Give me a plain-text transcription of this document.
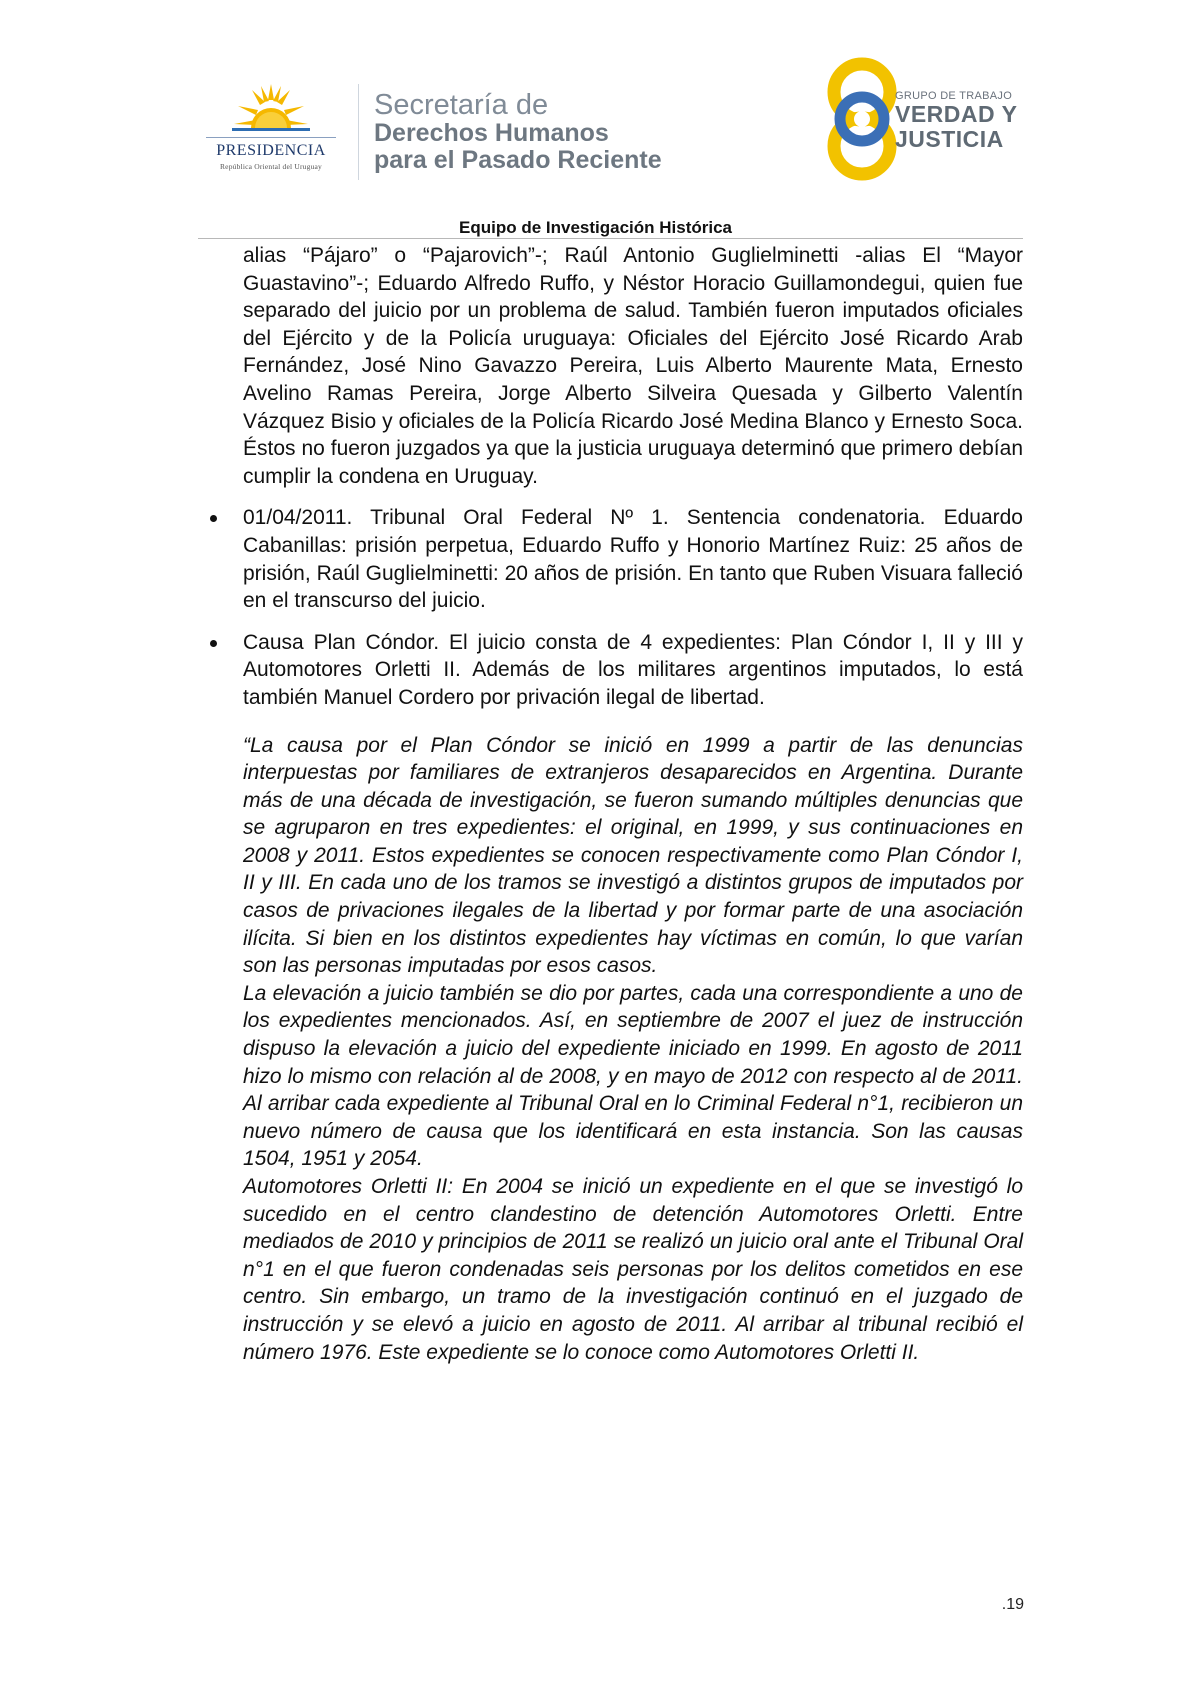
PRESIDENCIA
República Oriental del Uruguay
Secretaría de
Derechos Humanos
para el Pasado Reciente
GRUPO DE TRABAJO
VERDAD Y
JUSTICIA
Equipo de Investigación Histórica

alias “Pájaro” o “Pajarovich”-; Raúl Antonio Guglielminetti -alias El “Mayor Guastavino”-; Eduardo Alfredo Ruffo, y Néstor Horacio Guillamondegui, quien fue separado del juicio por un problema de salud. También fueron imputados oficiales del Ejército y de la Policía uruguaya: Oficiales del Ejército José Ricardo Arab Fernández, José Nino Gavazzo Pereira, Luis Alberto Maurente Mata, Ernesto Avelino Ramas Pereira, Jorge Alberto Silveira Quesada y Gilberto Valentín Vázquez Bisio y oficiales de la Policía Ricardo José Medina Blanco y Ernesto Soca. Éstos no fueron juzgados ya que la justicia uruguaya determinó que primero debían cumplir la condena en Uruguay.

01/04/2011. Tribunal Oral Federal Nº 1. Sentencia condenatoria. Eduardo Cabanillas: prisión perpetua, Eduardo Ruffo y Honorio Martínez Ruiz: 25 años de prisión, Raúl Guglielminetti: 20 años de prisión. En tanto que Ruben Visuara falleció en el transcurso del juicio.

Causa Plan Cóndor. El juicio consta de 4 expedientes: Plan Cóndor I, II y III y Automotores Orletti II. Además de los militares argentinos imputados, lo está también Manuel Cordero por privación ilegal de libertad.

“La causa por el Plan Cóndor se inició en 1999 a partir de las denuncias interpuestas por familiares de extranjeros desaparecidos en Argentina. Durante más de una década de investigación, se fueron sumando múltiples denuncias que se agruparon en tres expedientes: el original, en 1999, y sus continuaciones en 2008 y 2011. Estos expedientes se conocen respectivamente como Plan Cóndor I, II y III. En cada uno de los tramos se investigó a distintos grupos de imputados por casos de privaciones ilegales de la libertad y por formar parte de una asociación ilícita. Si bien en los distintos expedientes hay víctimas en común, lo que varían son las personas imputadas por esos casos.

La elevación a juicio también se dio por partes, cada una correspondiente a uno de los expedientes mencionados. Así, en septiembre de 2007 el juez de instrucción dispuso la elevación a juicio del expediente iniciado en 1999. En agosto de 2011 hizo lo mismo con relación al de 2008, y en mayo de 2012 con respecto al de 2011. Al arribar cada expediente al Tribunal Oral en lo Criminal Federal n°1, recibieron un nuevo número de causa que los identificará en esta instancia. Son las causas 1504, 1951 y 2054.

Automotores Orletti II: En 2004 se inició un expediente en el que se investigó lo sucedido en el centro clandestino de detención Automotores Orletti. Entre mediados de 2010 y principios de 2011 se realizó un juicio oral ante el Tribunal Oral n°1 en el que fueron condenadas seis personas por los delitos cometidos en ese centro. Sin embargo, un tramo de la investigación continuó en el juzgado de instrucción y se elevó a juicio en agosto de 2011. Al arribar al tribunal recibió el número 1976. Este expediente se lo conoce como Automotores Orletti II.

.19
